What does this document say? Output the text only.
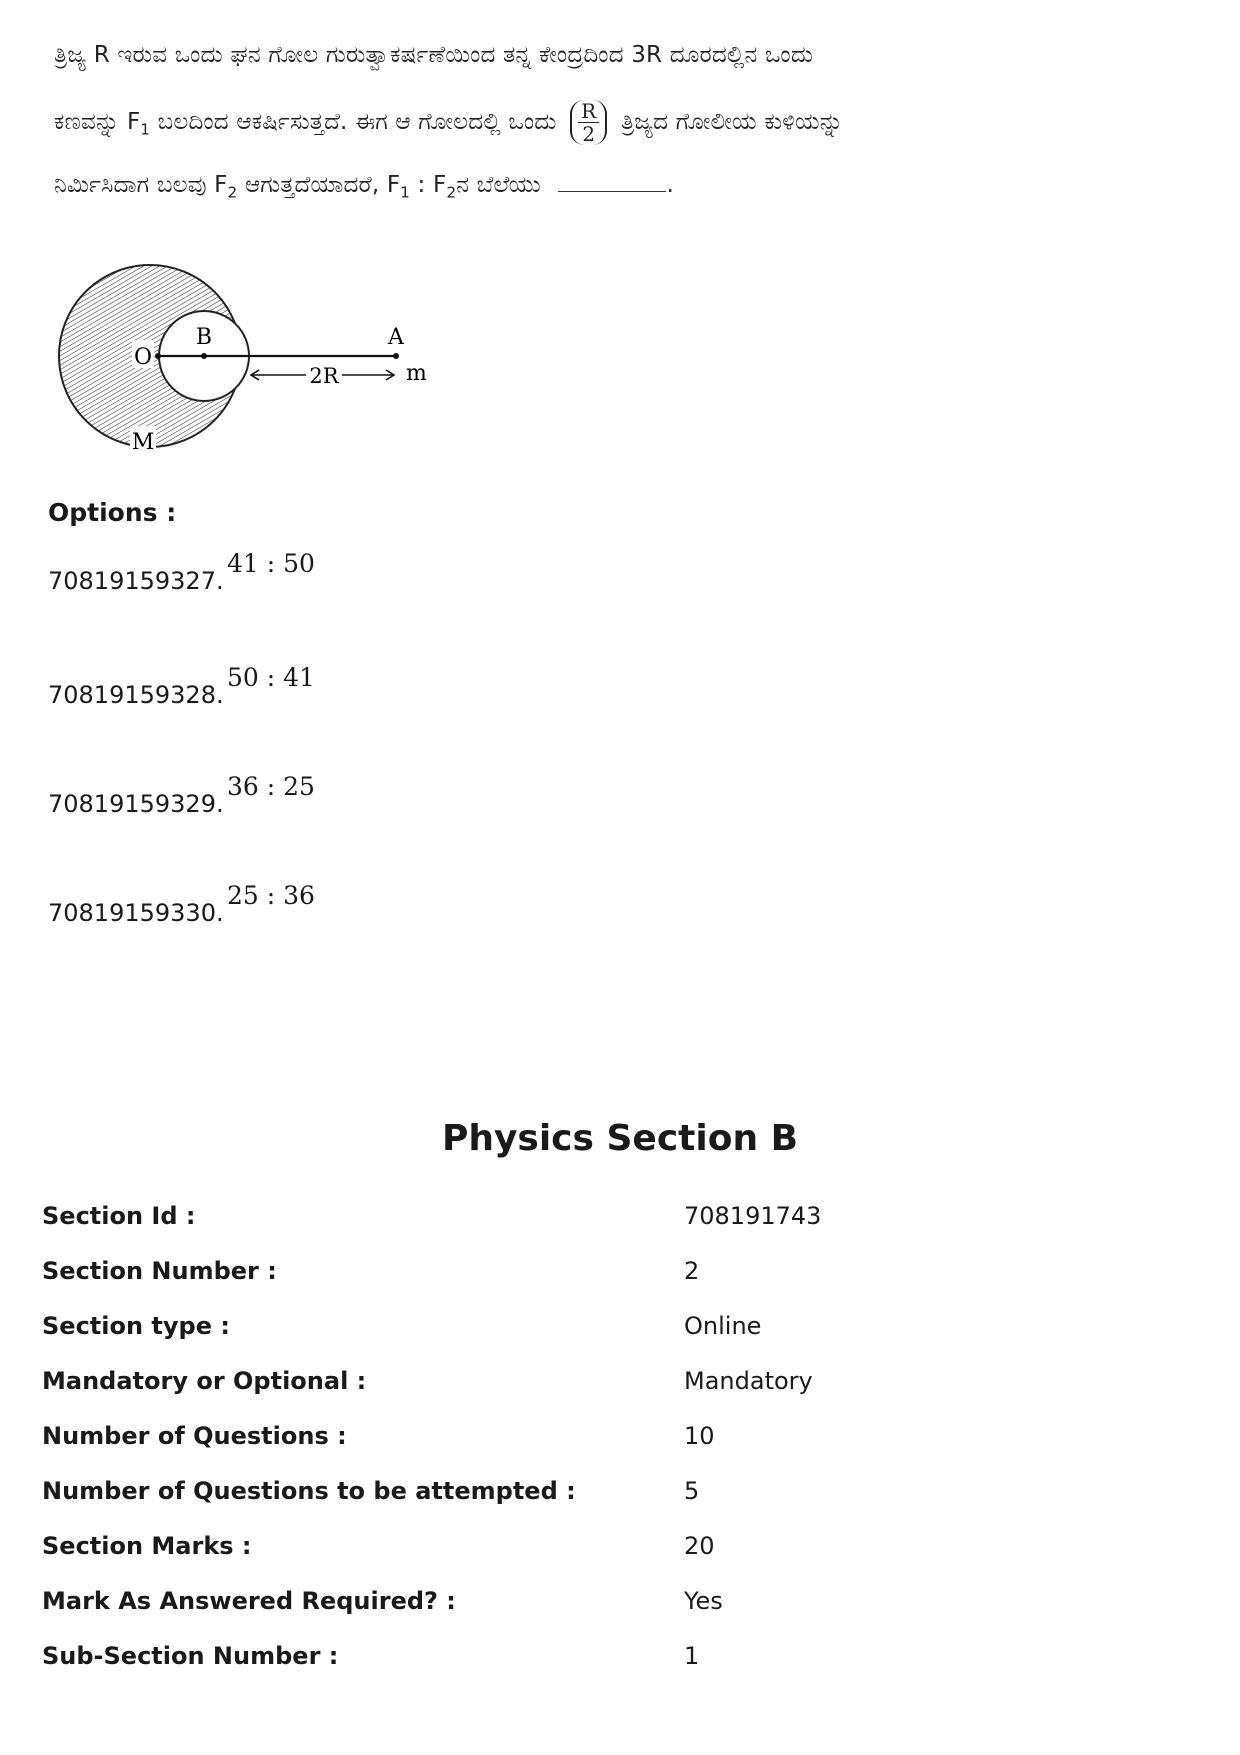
ತ್ರಿಜ್ಯ R ಇರುವ ಒಂದು ಘನ ಗೋಲ ಗುರುತ್ವಾಕರ್ಷಣೆಯಿಂದ ತನ್ನ ಕೇಂದ್ರದಿಂದ 3R ದೂರದಲ್ಲಿನ ಒಂದು
ಕಣವನ್ನು $F_1$ ಬಲದಿಂದ ಆಕರ್ಷಿಸುತ್ತದೆ. ಈಗ ಆ ಗೋಲದಲ್ಲಿ ಒಂದು $\frac{R}{2}$ ತ್ರಿಜ್ಯದ ಗೋಲೀಯ ಕುಳಿಯನ್ನು
ನಿರ್ಮಿಸಿದಾಗ ಬಲವು $F_2$ ಆಗುತ್ತದೆಯಾದರೆ, $F_1$ : $F_2ನ$ ಬೆಲೆಯು	.
O
B	A
2R	m
M
Options :
70819159327.
41 : 50
70819159328.
50 : 41
70819159329.
36 : 25
70819159330.
25 : 36
Physics Section B
Section Id :	708191743
Section Number :	2
Section type :	Online
Mandatory or Optional :	Mandatory
Number of Questions :	10
Number of Questions to be attempted :	5
Section Marks :	20
Mark As Answered Required? :	Yes
Sub-Section Number :	1
